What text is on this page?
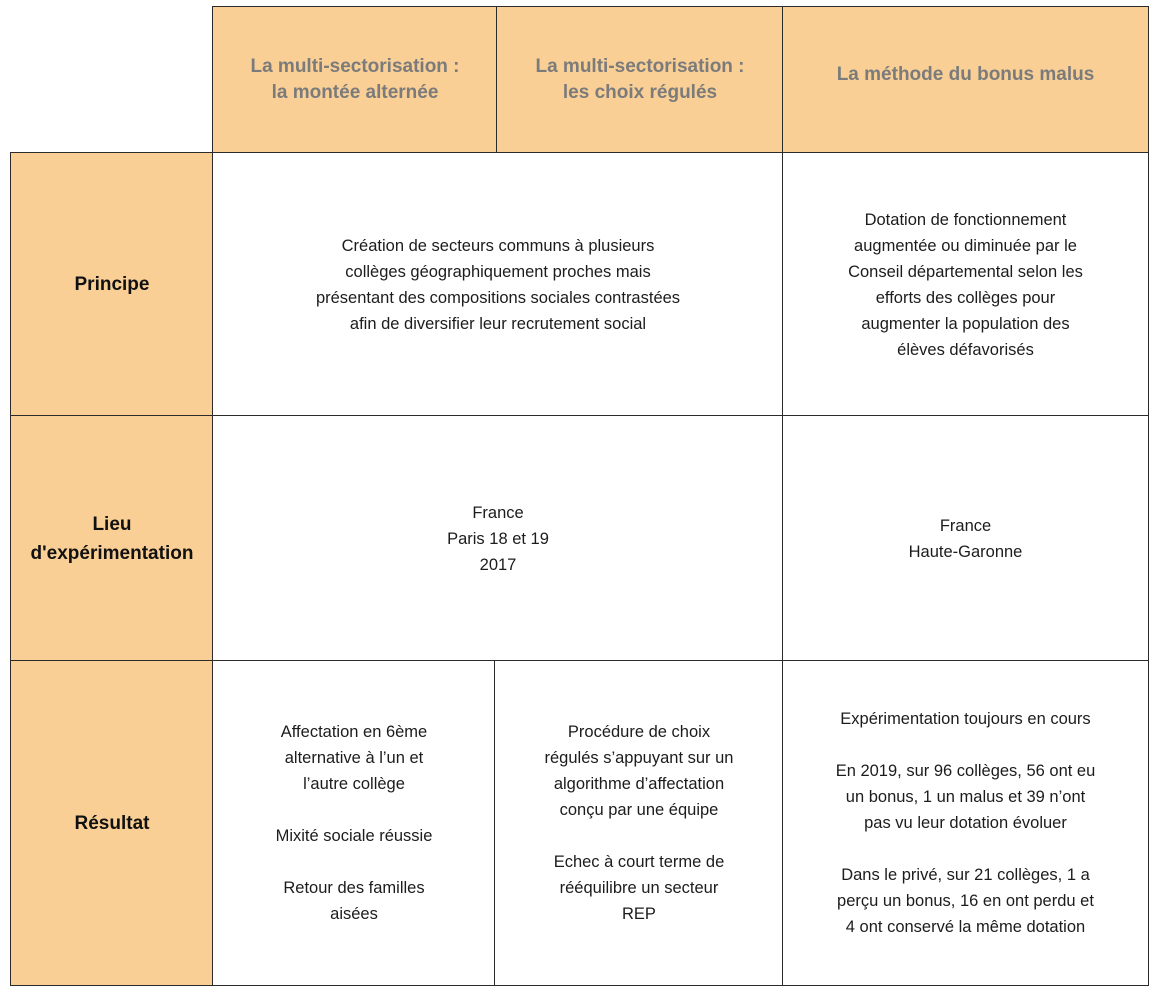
La multi-sectorisation :
la montée alternée
La multi-sectorisation :
les choix régulés
La méthode du bonus malus
Principe
Lieu
d'expérimentation
Résultat
Création de secteurs communs à plusieurs
collèges géographiquement proches mais
présentant des compositions sociales contrastées
afin de diversifier leur recrutement social
Dotation de fonctionnement
augmentée ou diminuée par le
Conseil départemental selon les
efforts des collèges pour
augmenter la population des
élèves défavorisés
France
Paris 18 et 19
2017
France
Haute-Garonne
Affectation en 6ème
alternative à l’un et
l’autre collège
Mixité sociale réussie
Retour des familles
aisées
Procédure de choix
régulés s’appuyant sur un
algorithme d’affectation
conçu par une équipe
Echec à court terme de
rééquilibre un secteur
REP
Expérimentation toujours en cours
En 2019, sur 96 collèges, 56 ont eu
un bonus, 1 un malus et 39 n’ont
pas vu leur dotation évoluer
Dans le privé, sur 21 collèges, 1 a
perçu un bonus, 16 en ont perdu et
4 ont conservé la même dotation
